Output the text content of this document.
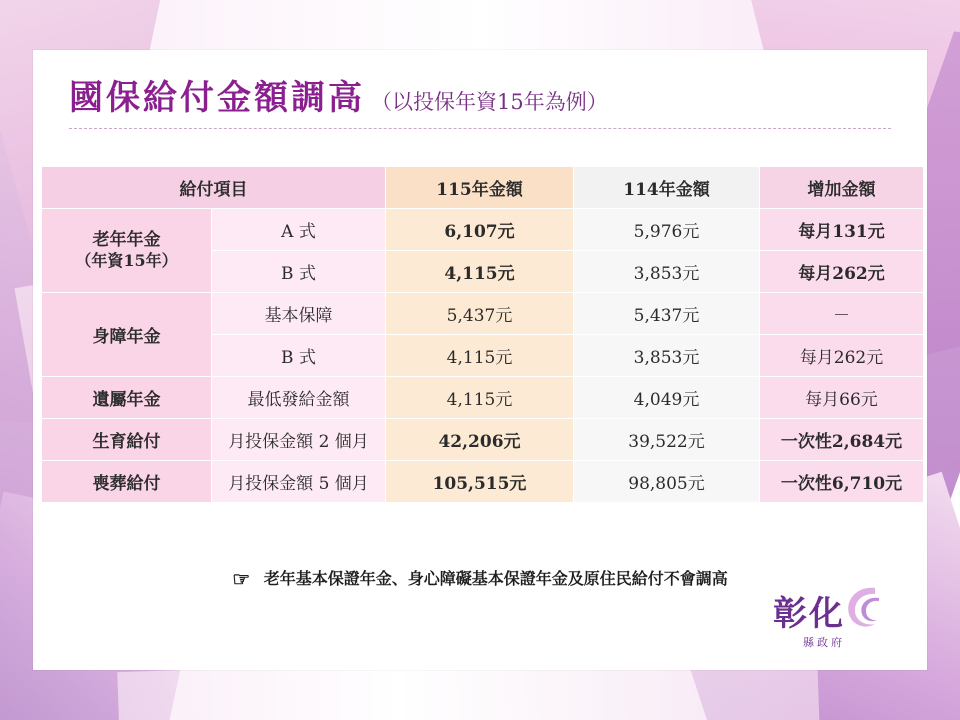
國保給付金額調高 （以投保年資15年為例）
給付項目		115年金額	114年金額	增加金額
老年年金
（年資15年）	A 式	6,107元	5,976元	每月131元
	B 式	4,115元	3,853元	每月262元
身障年金	基本保障	5,437元	5,437元	－
	B 式	4,115元	3,853元	每月262元
遺屬年金	最低發給金額	4,115元	4,049元	每月66元
生育給付	月投保金額 2 個月	42,206元	39,522元	一次性2,684元
喪葬給付	月投保金額 5 個月	105,515元	98,805元	一次性6,710元
☞ 老年基本保證年金、身心障礙基本保證年金及原住民給付不會調高
彰化
縣政府
